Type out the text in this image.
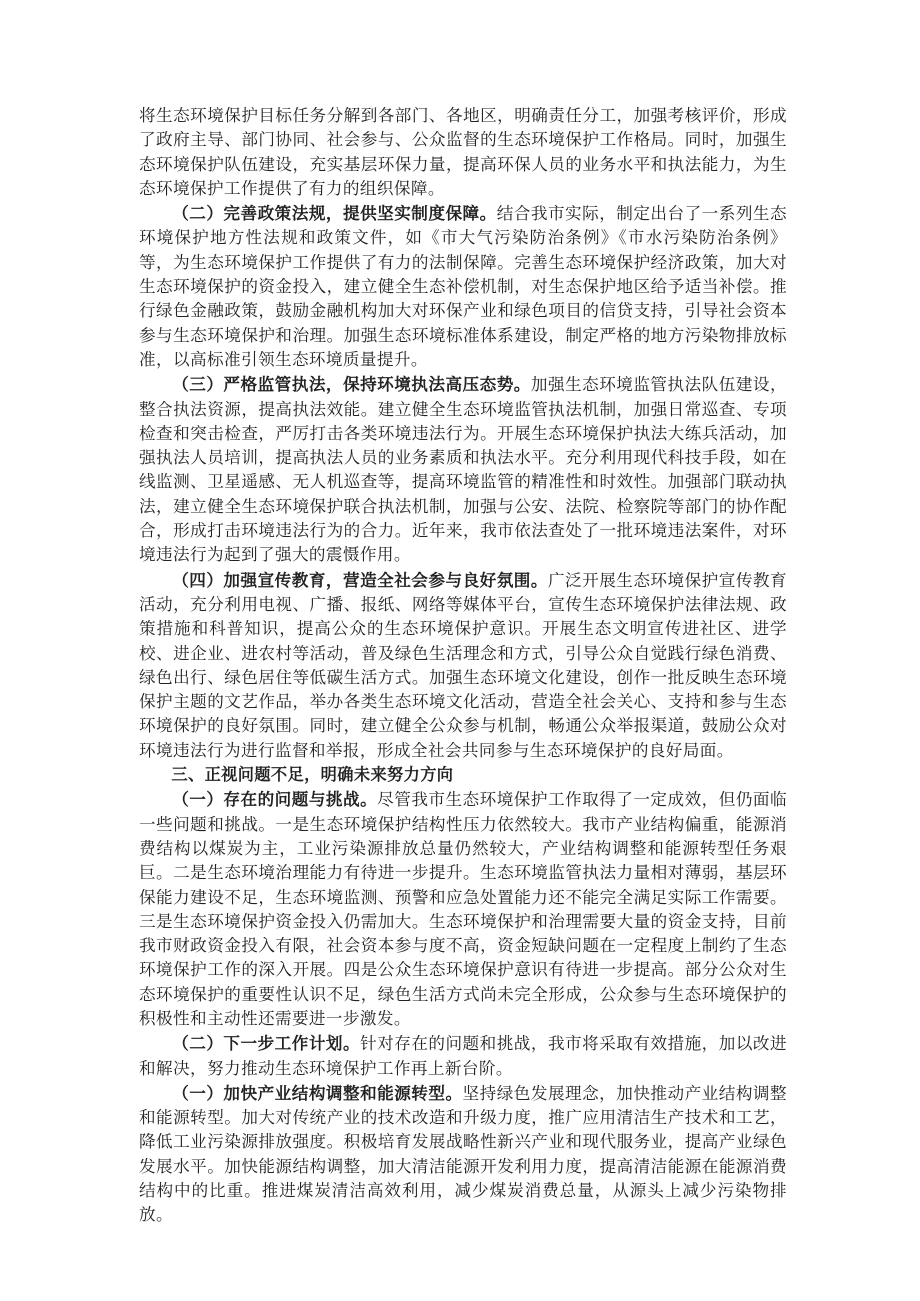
将生态环境保护目标任务分解到各部门、各地区，明确责任分工，加强考核评价，形成了政府主导、部门协同、社会参与、公众监督的生态环境保护工作格局。同时，加强生态环境保护队伍建设，充实基层环保力量，提高环保人员的业务水平和执法能力，为生态环境保护工作提供了有力的组织保障。

（二）完善政策法规，提供坚实制度保障。结合我市实际，制定出台了一系列生态环境保护地方性法规和政策文件，如《市大气污染防治条例》《市水污染防治条例》等，为生态环境保护工作提供了有力的法制保障。完善生态环境保护经济政策，加大对生态环境保护的资金投入，建立健全生态补偿机制，对生态保护地区给予适当补偿。推行绿色金融政策，鼓励金融机构加大对环保产业和绿色项目的信贷支持，引导社会资本参与生态环境保护和治理。加强生态环境标准体系建设，制定严格的地方污染物排放标准，以高标准引领生态环境质量提升。

（三）严格监管执法，保持环境执法高压态势。加强生态环境监管执法队伍建设，整合执法资源，提高执法效能。建立健全生态环境监管执法机制，加强日常巡查、专项检查和突击检查，严厉打击各类环境违法行为。开展生态环境保护执法大练兵活动，加强执法人员培训，提高执法人员的业务素质和执法水平。充分利用现代科技手段，如在线监测、卫星遥感、无人机巡查等，提高环境监管的精准性和时效性。加强部门联动执法，建立健全生态环境保护联合执法机制，加强与公安、法院、检察院等部门的协作配合，形成打击环境违法行为的合力。近年来，我市依法查处了一批环境违法案件，对环境违法行为起到了强大的震慑作用。

（四）加强宣传教育，营造全社会参与良好氛围。广泛开展生态环境保护宣传教育活动，充分利用电视、广播、报纸、网络等媒体平台，宣传生态环境保护法律法规、政策措施和科普知识，提高公众的生态环境保护意识。开展生态文明宣传进社区、进学校、进企业、进农村等活动，普及绿色生活理念和方式，引导公众自觉践行绿色消费、绿色出行、绿色居住等低碳生活方式。加强生态环境文化建设，创作一批反映生态环境保护主题的文艺作品，举办各类生态环境文化活动，营造全社会关心、支持和参与生态环境保护的良好氛围。同时，建立健全公众参与机制，畅通公众举报渠道，鼓励公众对环境违法行为进行监督和举报，形成全社会共同参与生态环境保护的良好局面。

三、正视问题不足，明确未来努力方向

（一）存在的问题与挑战。尽管我市生态环境保护工作取得了一定成效，但仍面临一些问题和挑战。一是生态环境保护结构性压力依然较大。我市产业结构偏重，能源消费结构以煤炭为主，工业污染源排放总量仍然较大，产业结构调整和能源转型任务艰巨。二是生态环境治理能力有待进一步提升。生态环境监管执法力量相对薄弱，基层环保能力建设不足，生态环境监测、预警和应急处置能力还不能完全满足实际工作需要。三是生态环境保护资金投入仍需加大。生态环境保护和治理需要大量的资金支持，目前我市财政资金投入有限，社会资本参与度不高，资金短缺问题在一定程度上制约了生态环境保护工作的深入开展。四是公众生态环境保护意识有待进一步提高。部分公众对生态环境保护的重要性认识不足，绿色生活方式尚未完全形成，公众参与生态环境保护的积极性和主动性还需要进一步激发。

（二）下一步工作计划。针对存在的问题和挑战，我市将采取有效措施，加以改进和解决，努力推动生态环境保护工作再上新台阶。

（一）加快产业结构调整和能源转型。坚持绿色发展理念，加快推动产业结构调整和能源转型。加大对传统产业的技术改造和升级力度，推广应用清洁生产技术和工艺，降低工业污染源排放强度。积极培育发展战略性新兴产业和现代服务业，提高产业绿色发展水平。加快能源结构调整，加大清洁能源开发利用力度，提高清洁能源在能源消费结构中的比重。推进煤炭清洁高效利用，减少煤炭消费总量，从源头上减少污染物排放。
